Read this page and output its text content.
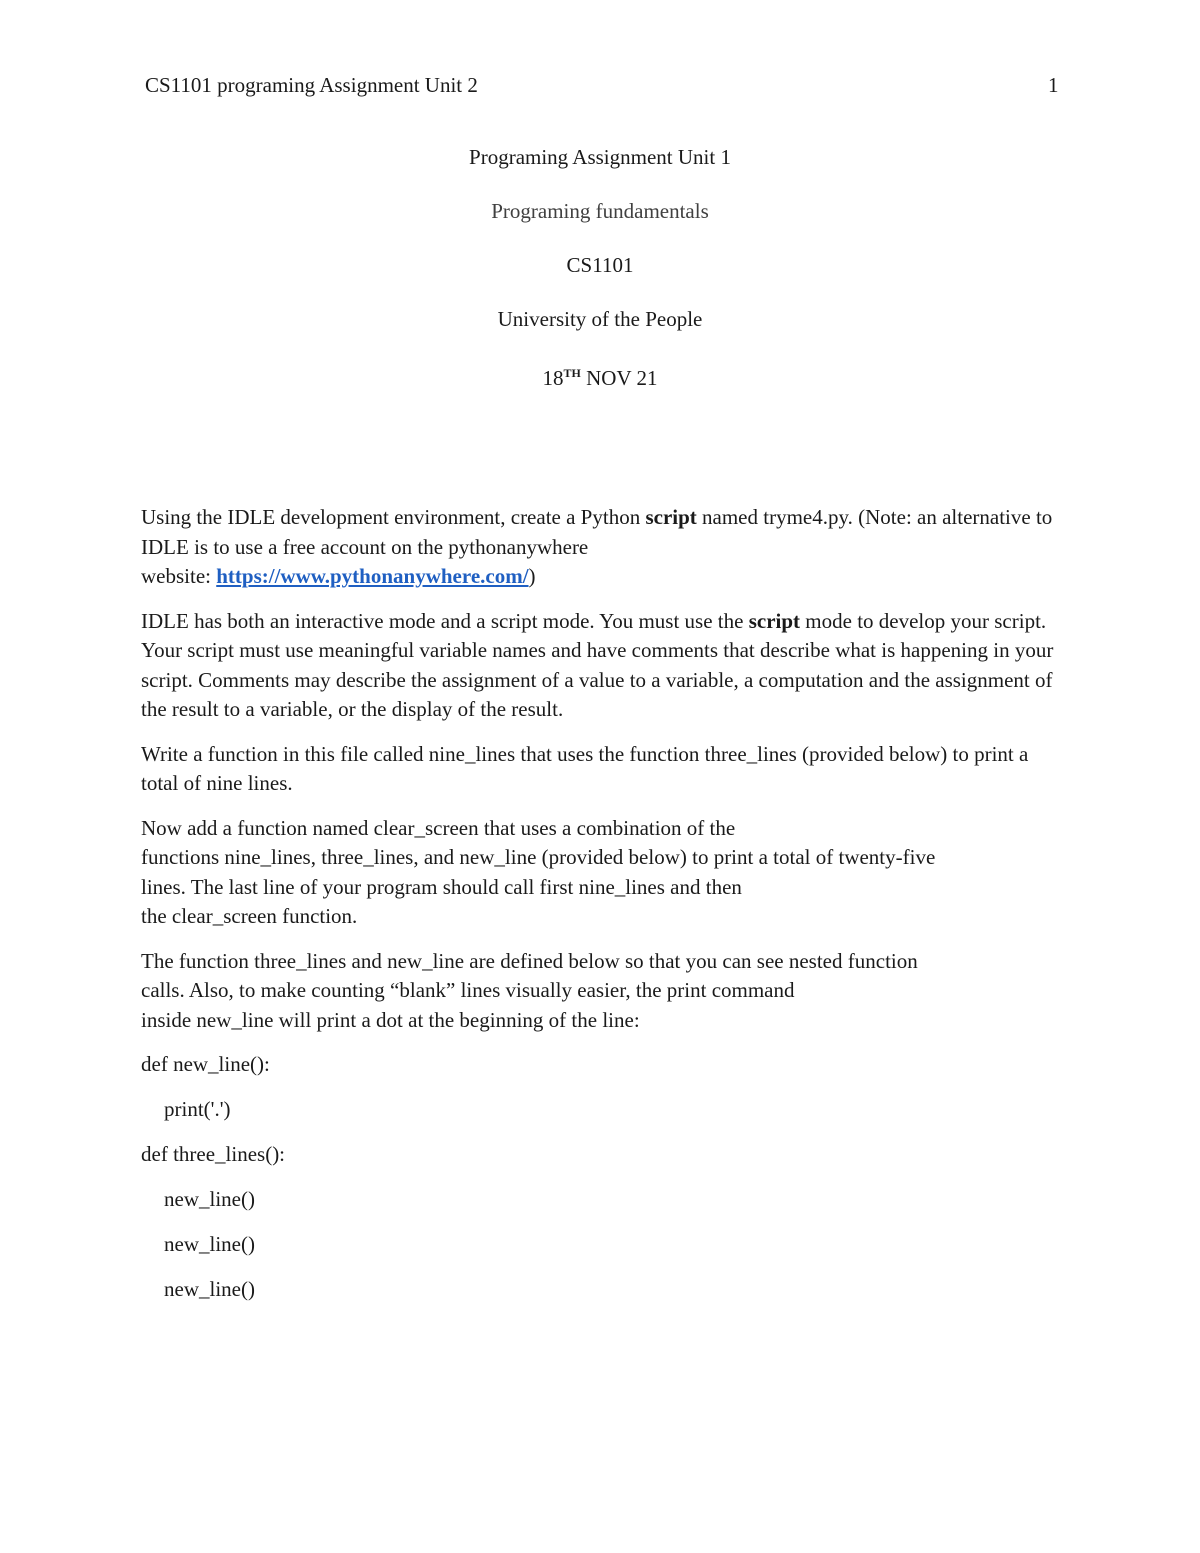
CS1101 programing Assignment Unit 2	1
Programing Assignment Unit 1
Programing fundamentals
CS1101
University of the People
18TH NOV 21

Using the IDLE development environment, create a Python script named tryme4.py. (Note: an alternative to IDLE is to use a free account on the pythonanywhere
website: https://www.pythonanywhere.com/)

IDLE has both an interactive mode and a script mode. You must use the script mode to develop your script. Your script must use meaningful variable names and have comments that describe what is happening in your script. Comments may describe the assignment of a value to a variable, a computation and the assignment of the result to a variable, or the display of the result.

Write a function in this file called nine_lines that uses the function three_lines (provided below) to print a total of nine lines.

Now add a function named clear_screen that uses a combination of the
functions nine_lines, three_lines, and new_line (provided below) to print a total of twenty-five
lines. The last line of your program should call first nine_lines and then
the clear_screen function.

The function three_lines and new_line are defined below so that you can see nested function
calls. Also, to make counting “blank” lines visually easier, the print command
inside new_line will print a dot at the beginning of the line:

def new_line():
print('.')
def three_lines():
new_line()
new_line()
new_line()
